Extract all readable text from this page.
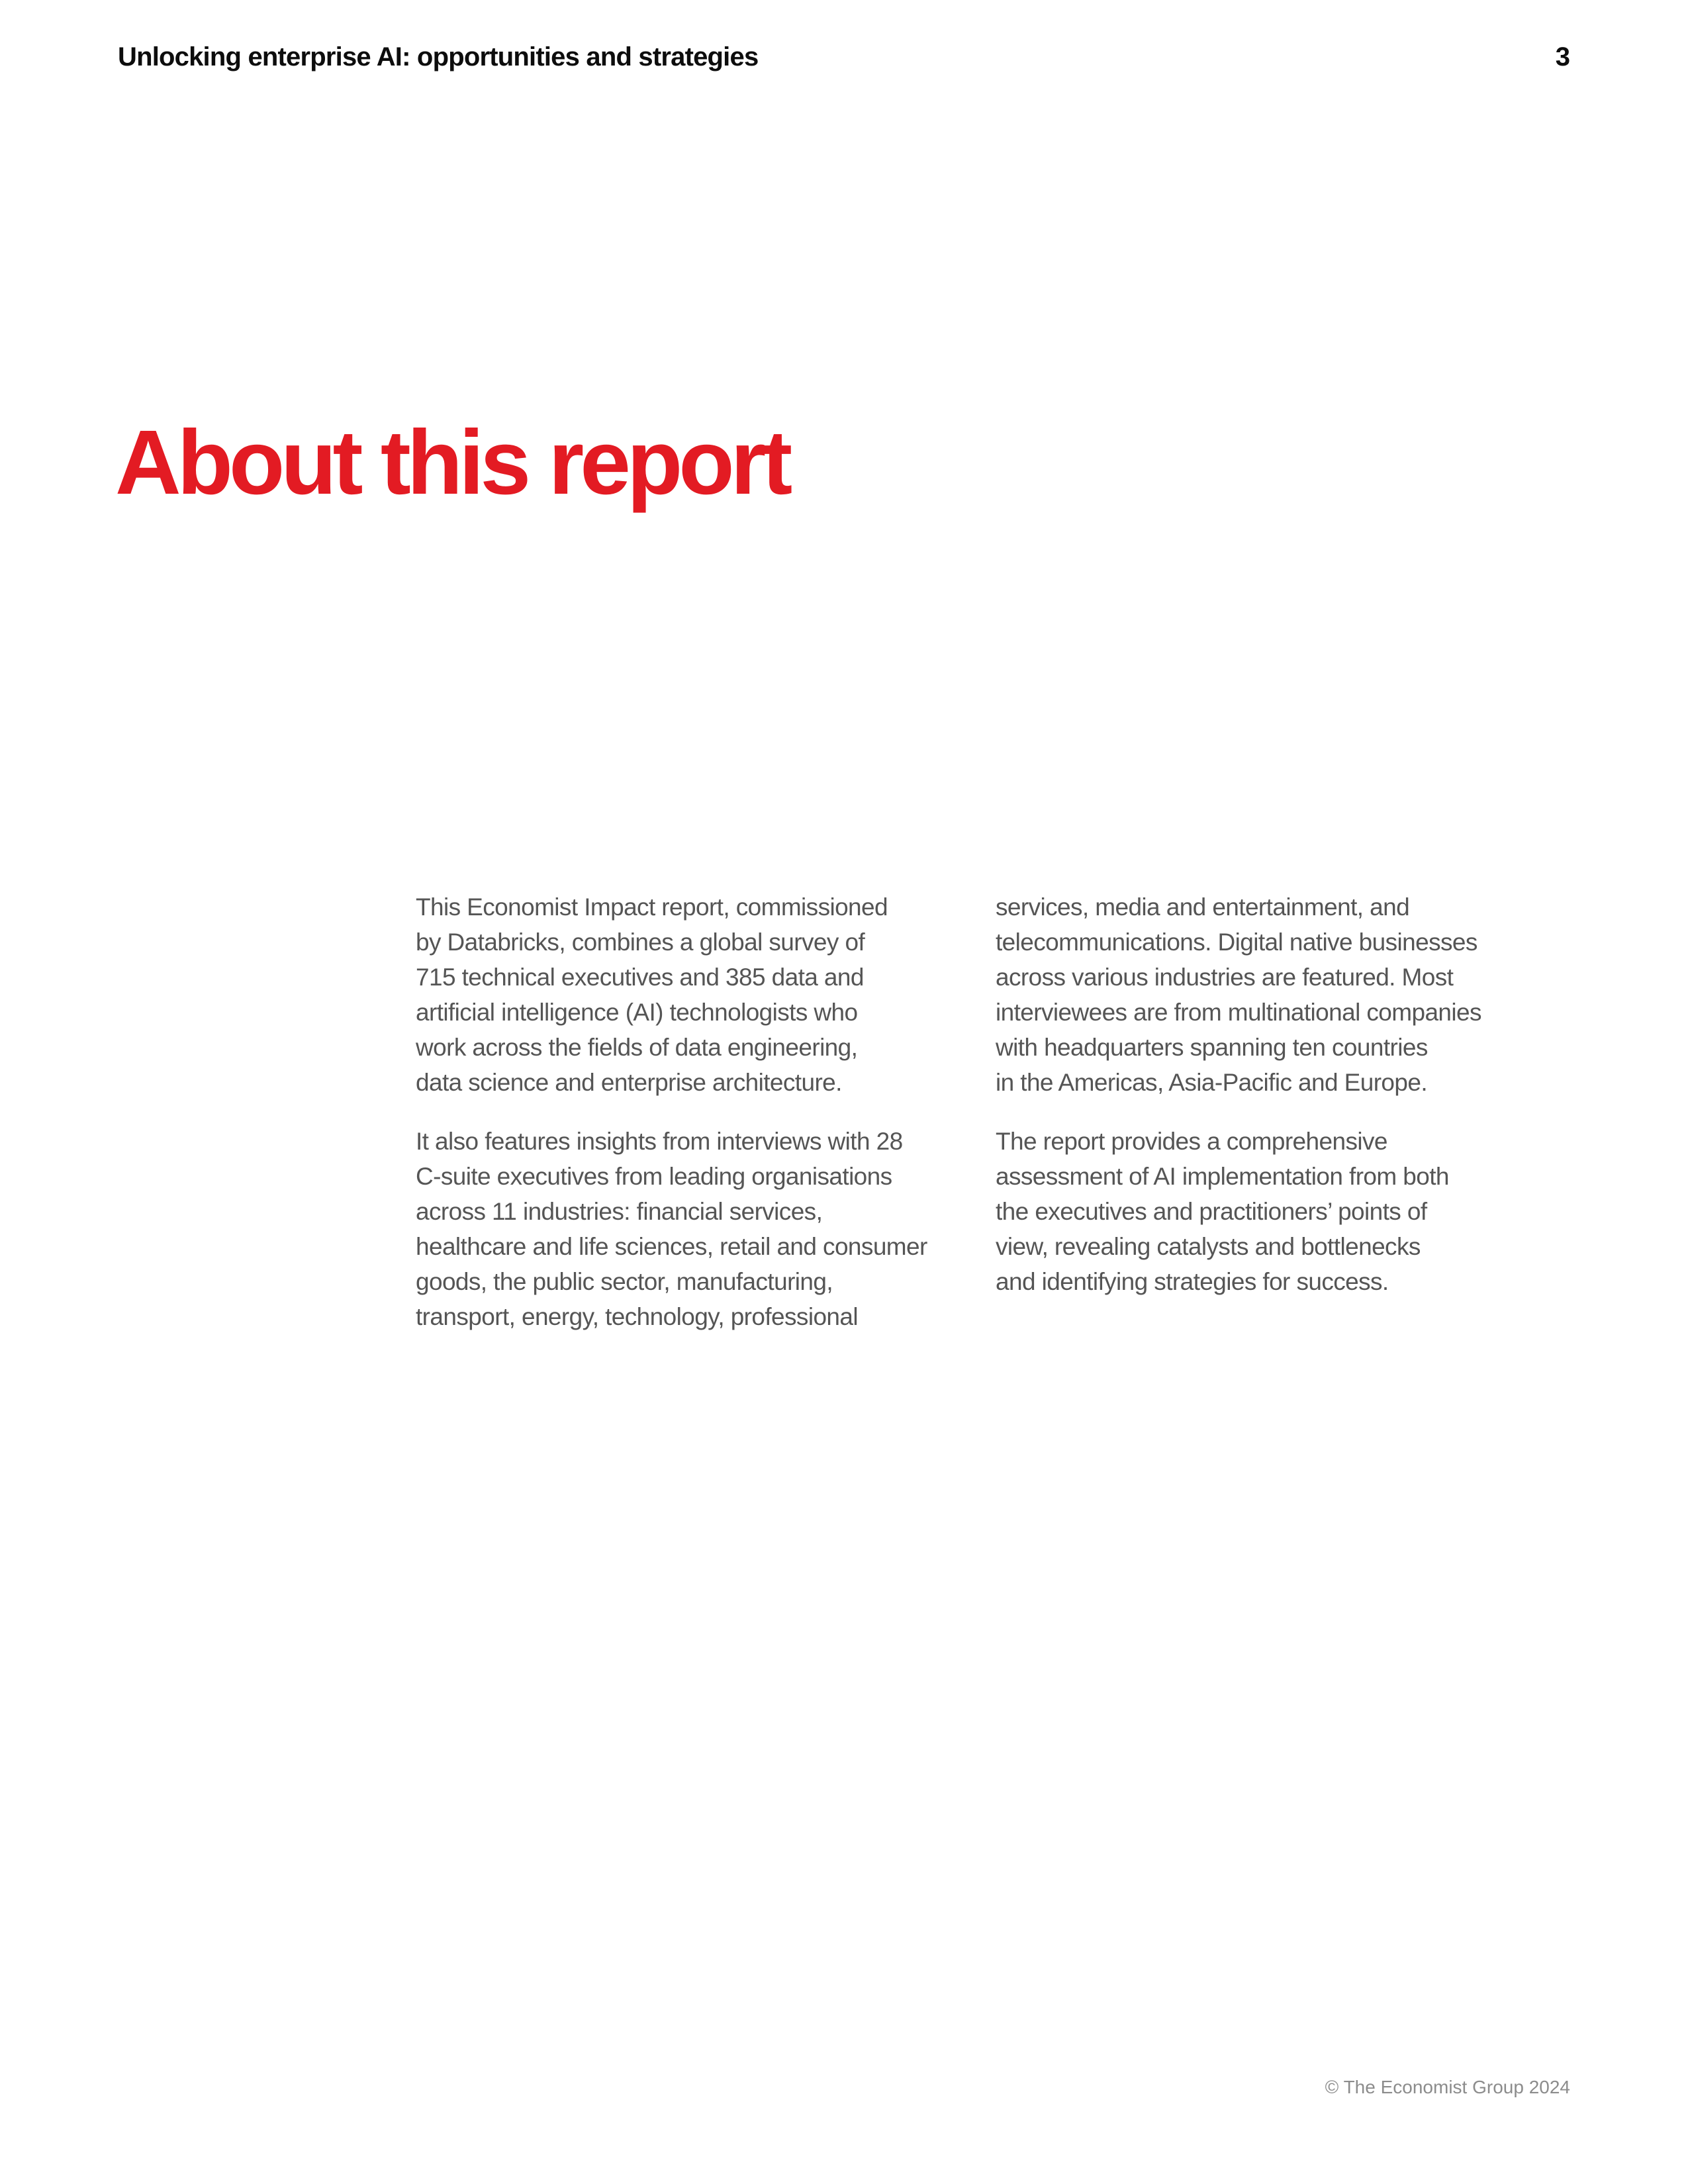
Unlocking enterprise AI: opportunities and strategies	3
About this report

This Economist Impact report, commissioned
by Databricks, combines a global survey of
715 technical executives and 385 data and
artificial intelligence (AI) technologists who
work across the fields of data engineering,
data science and enterprise architecture.

It also features insights from interviews with 28
C-suite executives from leading organisations
across 11 industries: financial services,
healthcare and life sciences, retail and consumer
goods, the public sector, manufacturing,
transport, energy, technology, professional

services, media and entertainment, and
telecommunications. Digital native businesses
across various industries are featured. Most
interviewees are from multinational companies
with headquarters spanning ten countries
in the Americas, Asia-Pacific and Europe.

The report provides a comprehensive
assessment of AI implementation from both
the executives and practitioners’ points of
view, revealing catalysts and bottlenecks
and identifying strategies for success.

© The Economist Group 2024
